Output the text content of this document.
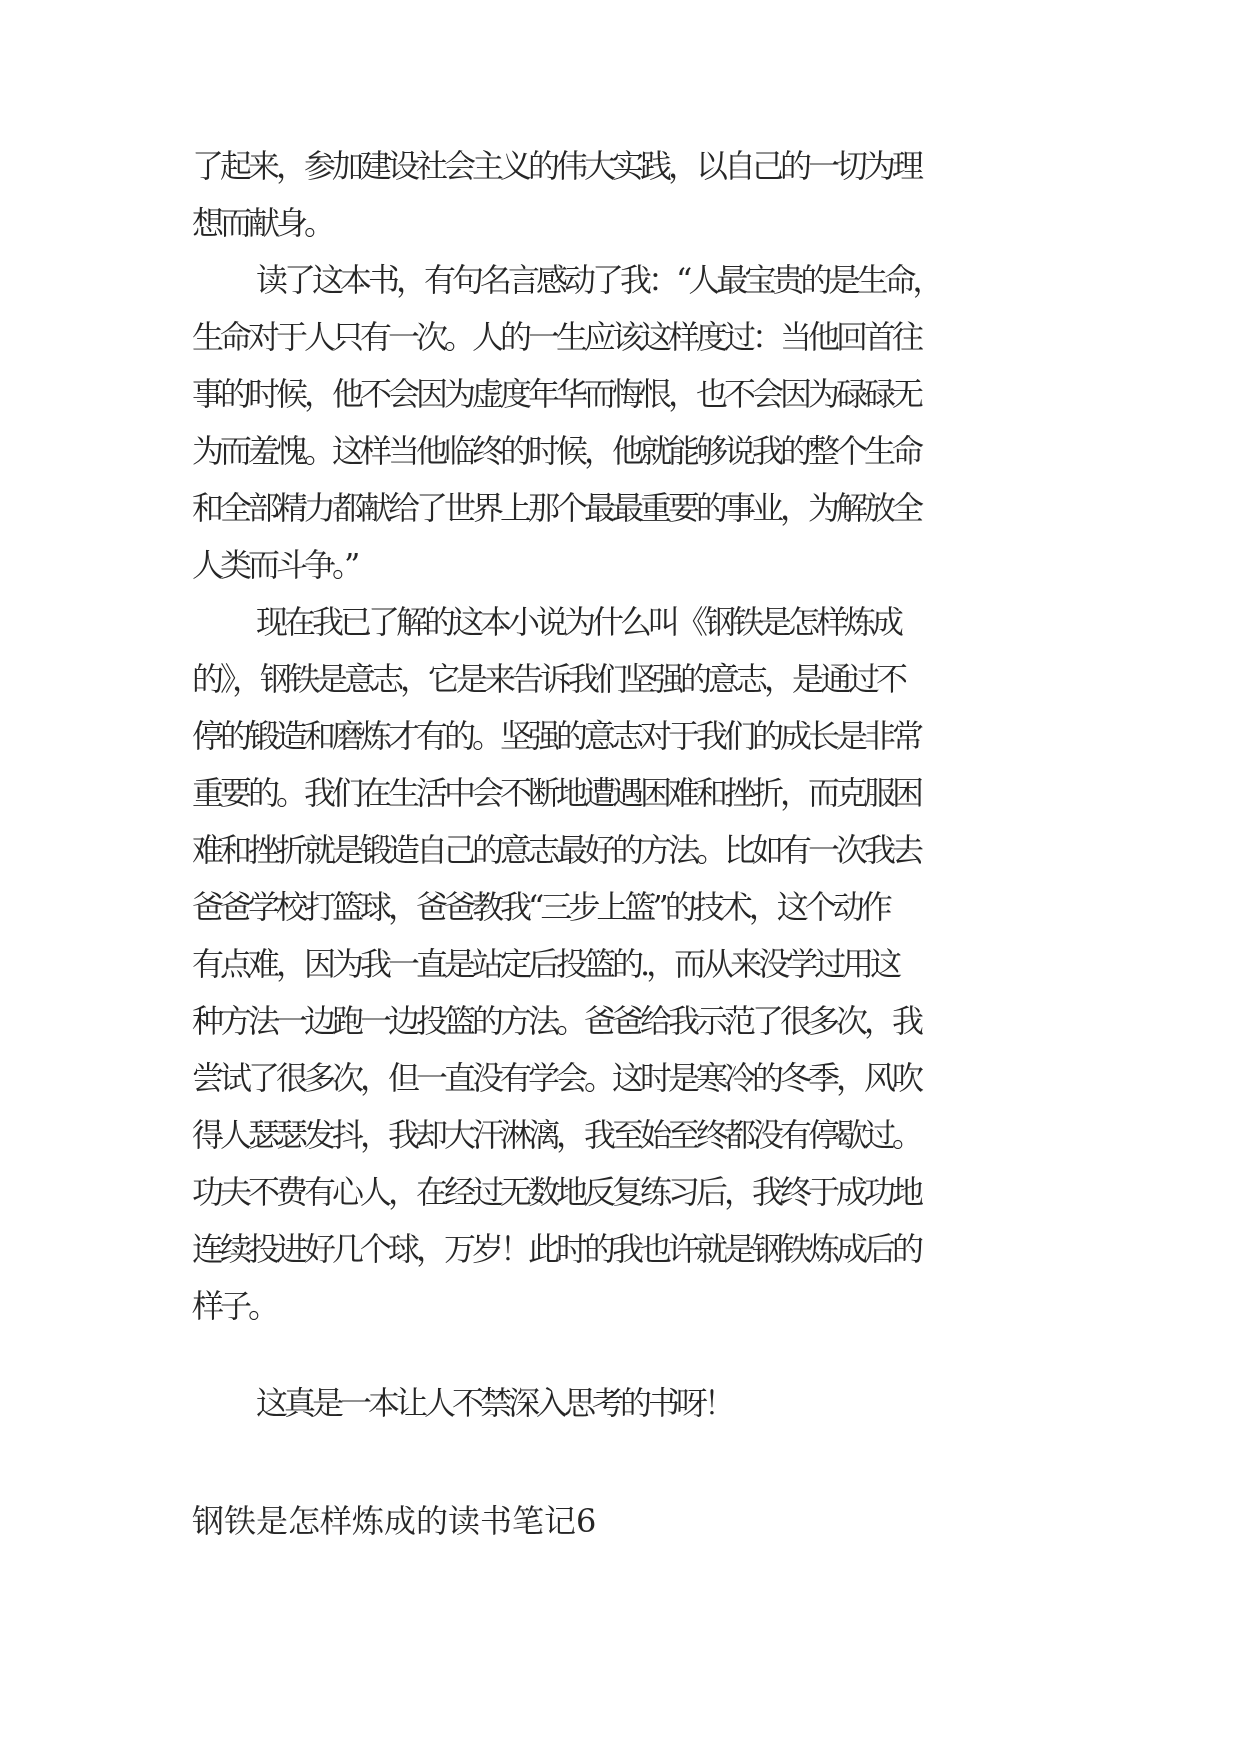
了起来，参加建设社会主义的伟大实践，以自己的一切为理

想而献身。

读了这本书，有句名言感动了我：“人最宝贵的是生命，

生命对于人只有一次。人的一生应该这样度过：当他回首往

事的时候，他不会因为虚度年华而悔恨，也不会因为碌碌无

为而羞愧。这样当他临终的时候，他就能够说我的整个生命

和全部精力都献给了世界上那个最最重要的事业，为解放全

人类而斗争。”

现在我已了解的这本小说为什么叫《钢铁是怎样炼成

的》，钢铁是意志，它是来告诉我们坚强的意志，是通过不

停的锻造和磨炼才有的。坚强的意志对于我们的成长是非常

重要的。我们在生活中会不断地遭遇困难和挫折，而克服困

难和挫折就是锻造自己的意志最好的方法。比如有一次我去

爸爸学校打篮球，爸爸教我“三步上篮”的技术，这个动作

有点难，因为我一直是站定后投篮的.，而从来没学过用这

种方法一边跑一边投篮的方法。爸爸给我示范了很多次，我

尝试了很多次，但一直没有学会。这时是寒冷的冬季，风吹

得人瑟瑟发抖，我却大汗淋漓，我至始至终都没有停歇过。

功夫不费有心人，在经过无数地反复练习后，我终于成功地

连续投进好几个球，万岁！此时的我也许就是钢铁炼成后的

样子。

这真是一本让人不禁深入思考的书呀！

钢铁是怎样炼成的读书笔记6
